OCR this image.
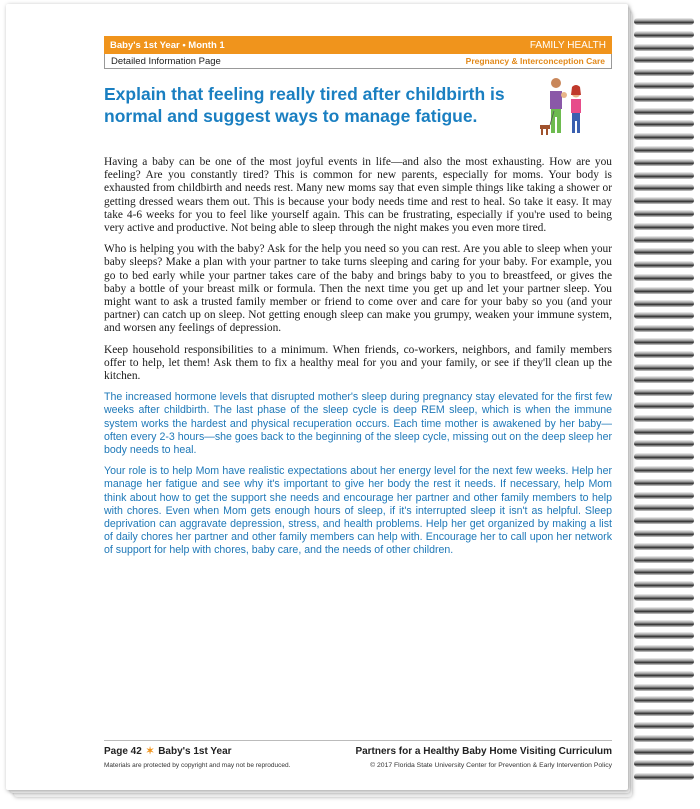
Baby's 1st Year • Month 1	FAMILY HEALTH
Detailed Information Page	Pregnancy & Interconception Care
Explain that feeling really tired after childbirth is normal and suggest ways to manage fatigue.

Having a baby can be one of the most joyful events in life—and also the most exhausting. How are you feeling? Are you constantly tired? This is common for new parents, especially for moms. Your body is exhausted from childbirth and needs rest. Many new moms say that even simple things like taking a shower or getting dressed wears them out. This is because your body needs time and rest to heal. So take it easy. It may take 4-6 weeks for you to feel like yourself again. This can be frustrating, especially if you're used to being very active and productive. Not being able to sleep through the night makes you even more tired.

Who is helping you with the baby? Ask for the help you need so you can rest. Are you able to sleep when your baby sleeps? Make a plan with your partner to take turns sleeping and caring for your baby. For example, you go to bed early while your partner takes care of the baby and brings baby to you to breastfeed, or gives the baby a bottle of your breast milk or formula. Then the next time you get up and let your partner sleep. You might want to ask a trusted family member or friend to come over and care for your baby so you (and your partner) can catch up on sleep. Not getting enough sleep can make you grumpy, weaken your immune system, and worsen any feelings of depression.

Keep household responsibilities to a minimum. When friends, co-workers, neighbors, and family members offer to help, let them! Ask them to fix a healthy meal for you and your family, or see if they'll clean up the kitchen.

The increased hormone levels that disrupted mother's sleep during pregnancy stay elevated for the first few weeks after childbirth. The last phase of the sleep cycle is deep REM sleep, which is when the immune system works the hardest and physical recuperation occurs. Each time mother is awakened by her baby—often every 2-3 hours—she goes back to the beginning of the sleep cycle, missing out on the deep sleep her body needs to heal.

Your role is to help Mom have realistic expectations about her energy level for the next few weeks. Help her manage her fatigue and see why it's important to give her body the rest it needs. If necessary, help Mom think about how to get the support she needs and encourage her partner and other family members to help with chores. Even when Mom gets enough hours of sleep, if it's interrupted sleep it isn't as helpful. Sleep deprivation can aggravate depression, stress, and health problems. Help her get organized by making a list of daily chores her partner and other family members can help with. Encourage her to call upon her network of support for help with chores, baby care, and the needs of other children.

Page 42 ✶ Baby's 1st Year
Materials are protected by copyright and may not be reproduced.
Partners for a Healthy Baby Home Visiting Curriculum
© 2017 Florida State University Center for Prevention & Early Intervention Policy
